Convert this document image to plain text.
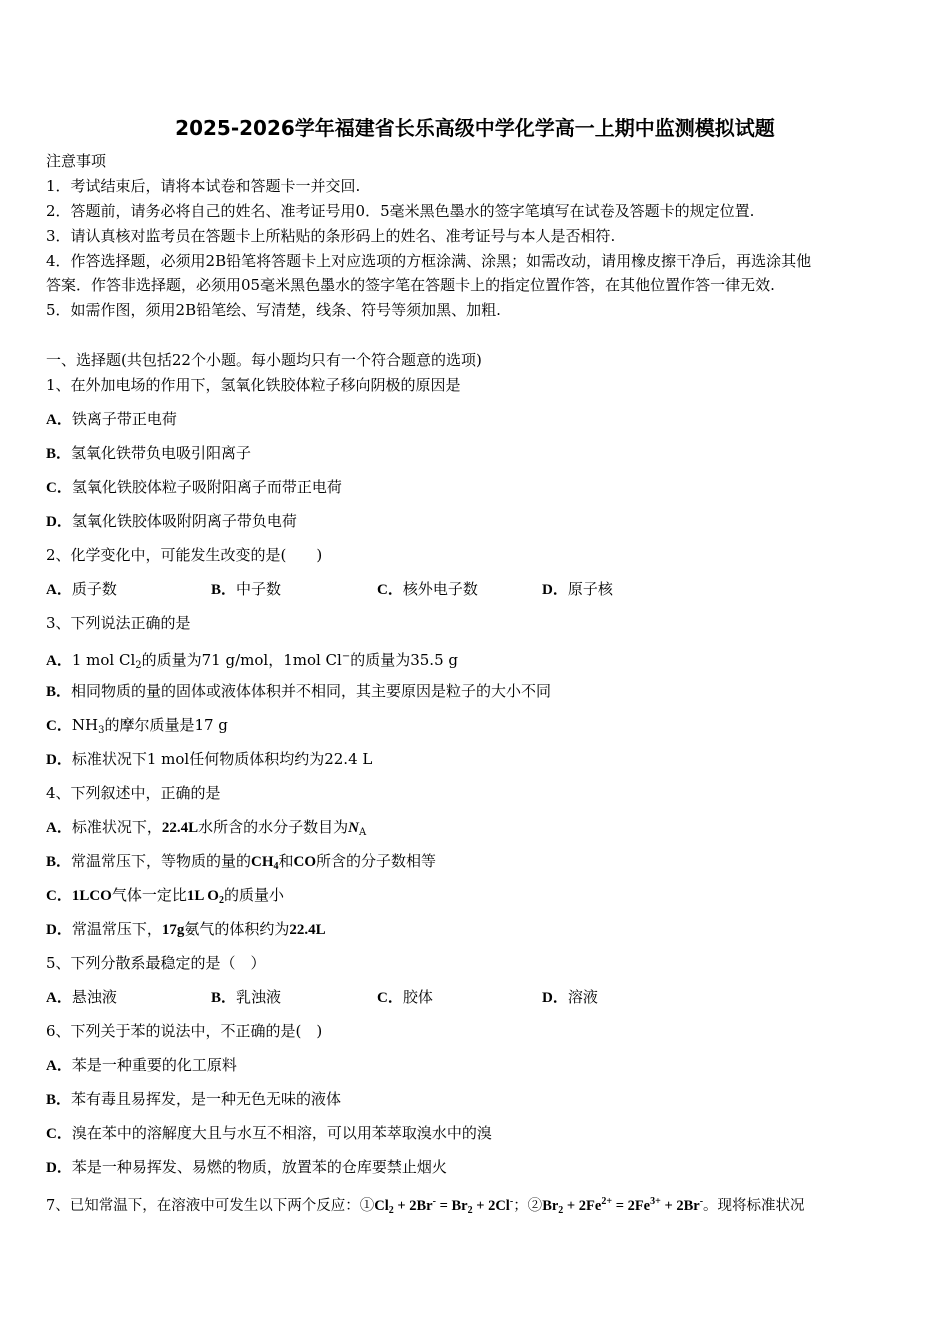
2025-2026学年福建省长乐高级中学化学高一上期中监测模拟试题
注意事项
1．考试结束后，请将本试卷和答题卡一并交回.
2．答题前，请务必将自己的姓名、准考证号用0．5毫米黑色墨水的签字笔填写在试卷及答题卡的规定位置.
3．请认真核对监考员在答题卡上所粘贴的条形码上的姓名、准考证号与本人是否相符.
4．作答选择题，必须用2B铅笔将答题卡上对应选项的方框涂满、涂黑；如需改动，请用橡皮擦干净后，再选涂其他
答案．作答非选择题，必须用05毫米黑色墨水的签字笔在答题卡上的指定位置作答，在其他位置作答一律无效.
5．如需作图，须用2B铅笔绘、写清楚，线条、符号等须加黑、加粗.
一、选择题(共包括22个小题。每小题均只有一个符合题意的选项)
1、在外加电场的作用下，氢氧化铁胶体粒子移向阴极的原因是
A．铁离子带正电荷
B．氢氧化铁带负电吸引阳离子
C．氢氧化铁胶体粒子吸附阳离子而带正电荷
D．氢氧化铁胶体吸附阴离子带负电荷
2、化学变化中，可能发生改变的是(　　)
A．质子数	B．中子数	C．核外电子数	D．原子核
3、下列说法正确的是
A．1 mol $Cl_2$的质量为71 g/mol，1mol Cl−的质量为35.5 g
B．相同物质的量的固体或液体体积并不相同，其主要原因是粒子的大小不同
C．$NH_3$的摩尔质量是17 g
D．标准状况下1 mol任何物质体积均约为22.4 L
4、下列叙述中，正确的是
A．标准状况下，22.4L水所含的水分子数目为$N_A$
B．常温常压下，等物质的量的$CH_4$和CO所含的分子数相等
C．1LCO气体一定比1L $O_2$的质量小
D．常温常压下，17g氨气的体积约为22.4L
5、下列分散系最稳定的是（　）
A．悬浊液	B．乳浊液	C．胶体	D．溶液
6、下列关于苯的说法中，不正确的是(　)
A．苯是一种重要的化工原料
B．苯有毒且易挥发，是一种无色无味的液体
C．溴在苯中的溶解度大且与水互不相溶，可以用苯萃取溴水中的溴
D．苯是一种易挥发、易燃的物质，放置苯的仓库要禁止烟火
7、已知常温下，在溶液中可发生以下两个反应：$①Cl_2 + 2Br^- = Br_2 + 2Cl^-$；$②Br_2 + 2Fe^{2+} = 2Fe^{3+} + 2Br^-$。现将标准状况
